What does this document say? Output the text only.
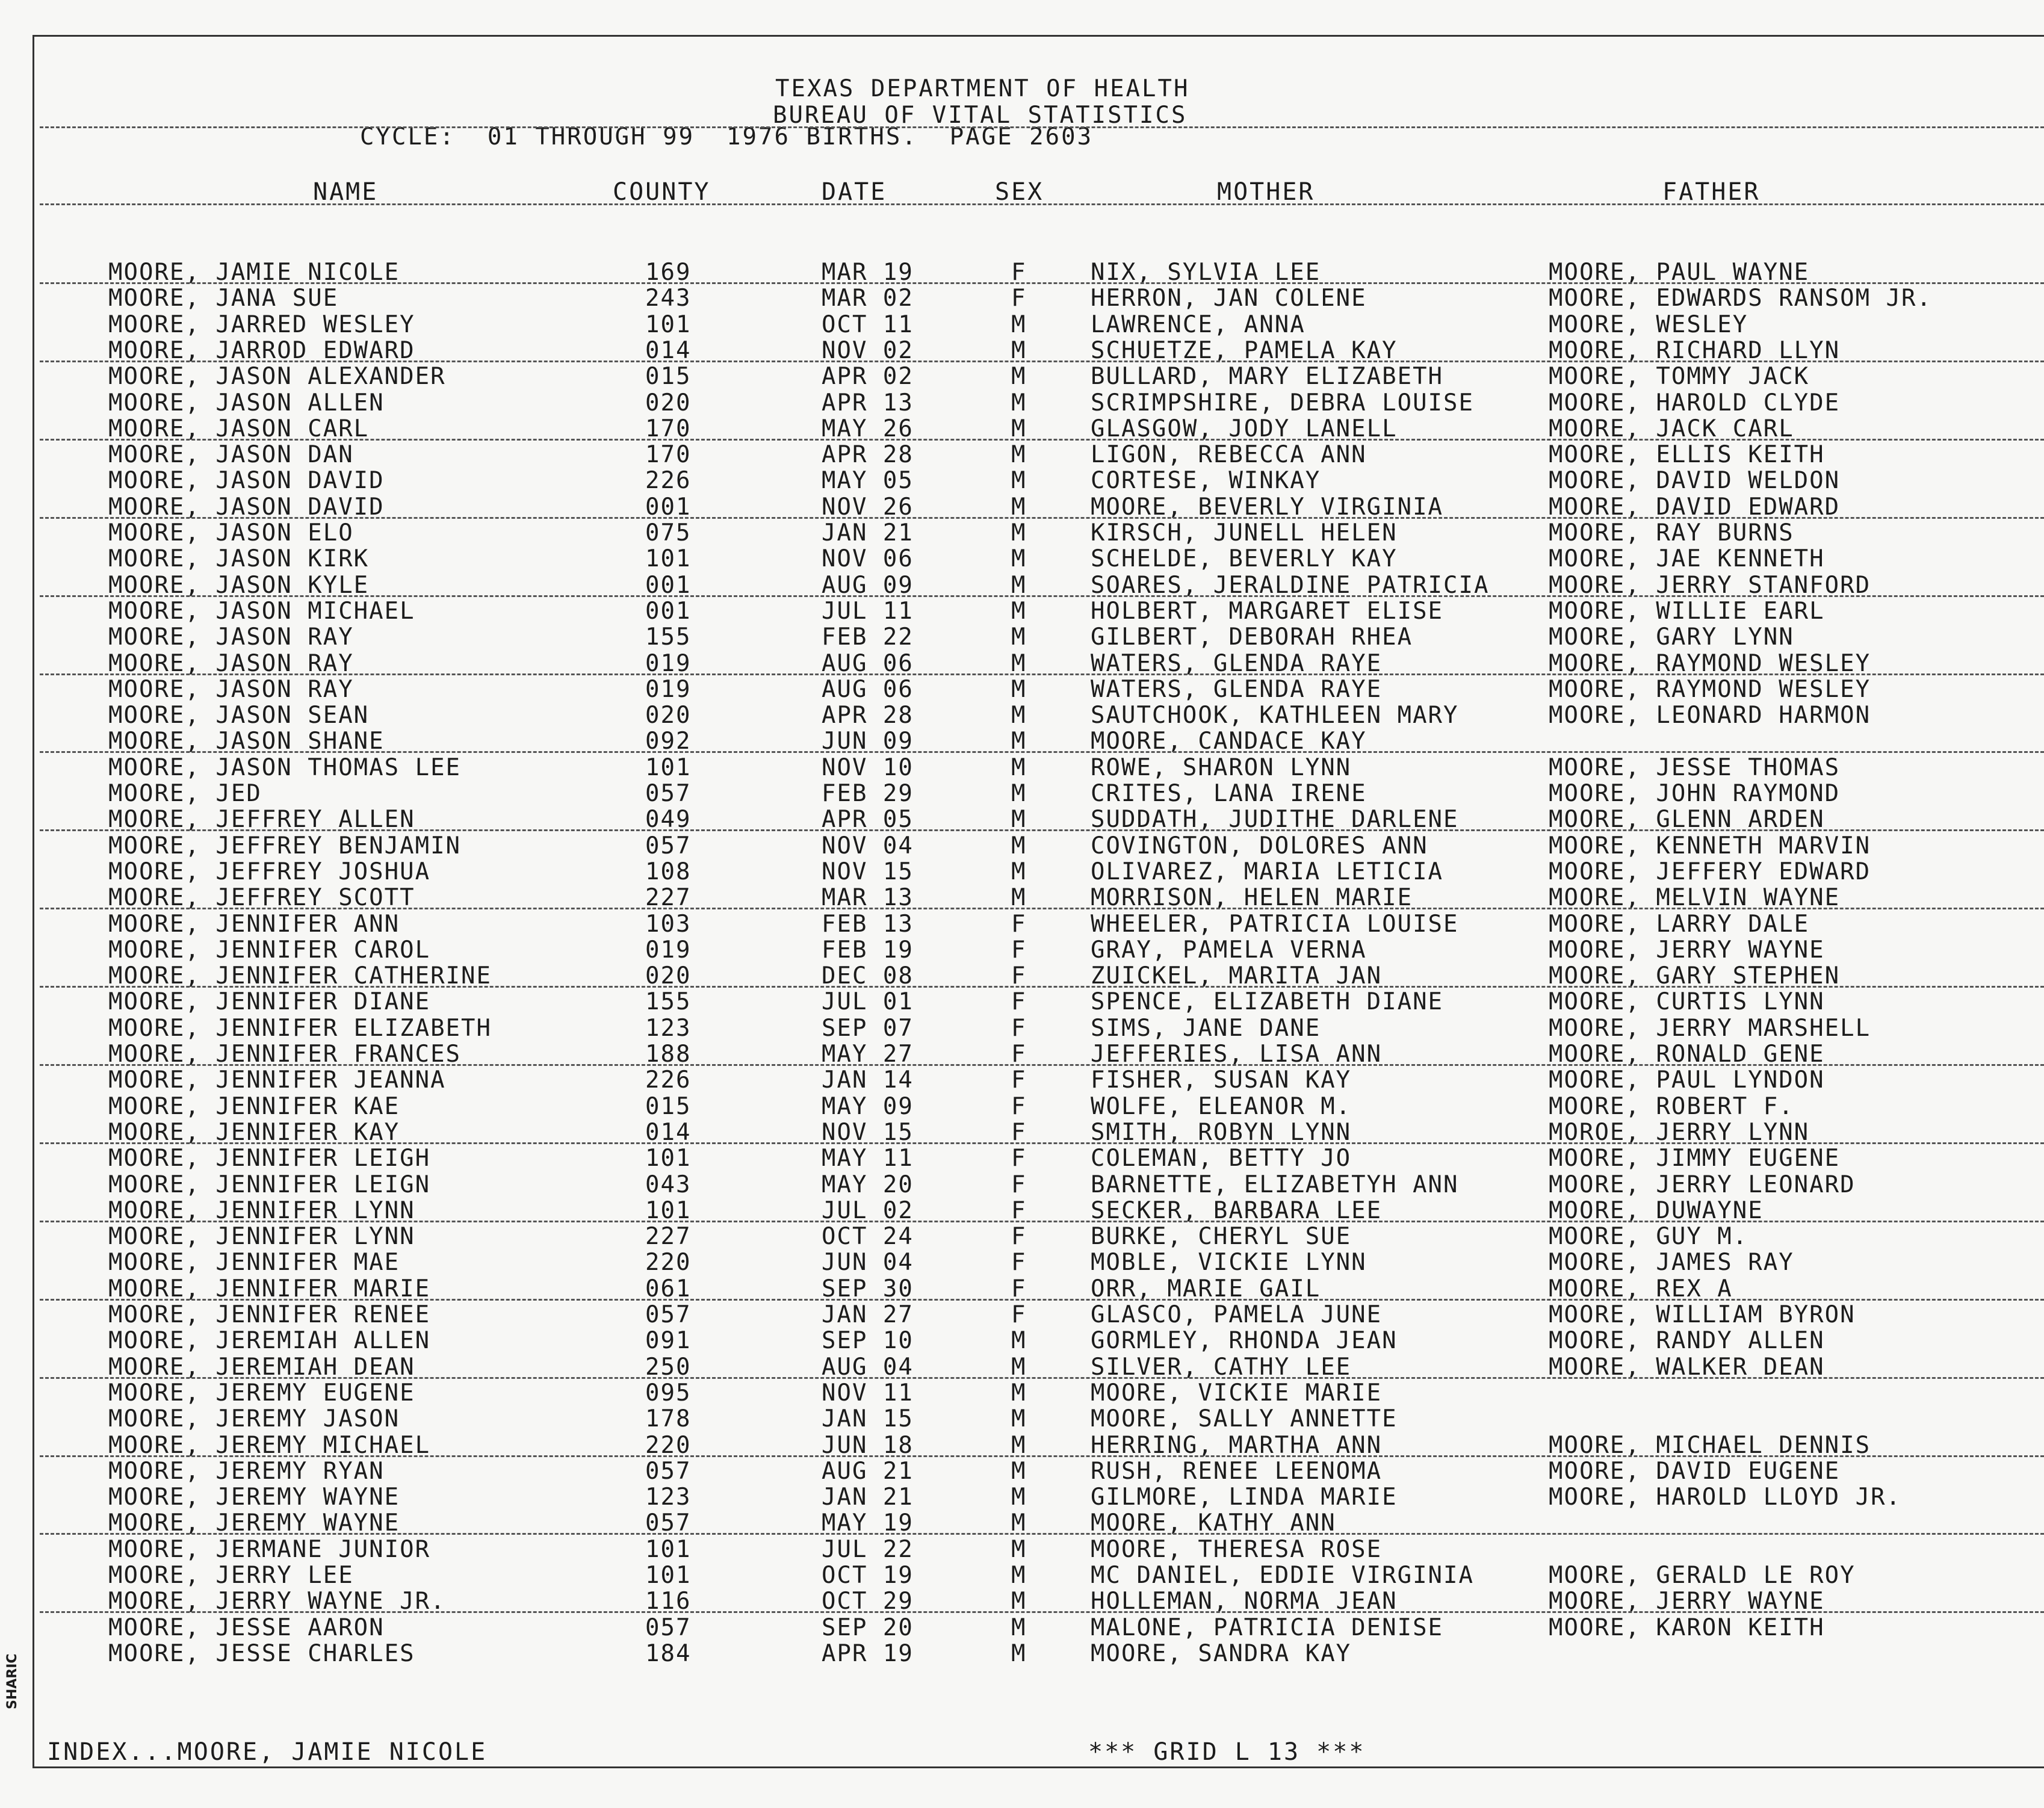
TEXAS DEPARTMENT OF HEALTH
BUREAU OF VITAL STATISTICS
CYCLE:  01 THROUGH 99  1976 BIRTHS.  PAGE 2603
NAME	COUNTY	DATE	SEX	MOTHER	FATHER
MOORE, JAMIE NICOLE	169	MAR 19	F	NIX, SYLVIA LEE	MOORE, PAUL WAYNE
MOORE, JANA SUE	243	MAR 02	F	HERRON, JAN COLENE	MOORE, EDWARDS RANSOM JR.
MOORE, JARRED WESLEY	101	OCT 11	M	LAWRENCE, ANNA	MOORE, WESLEY
MOORE, JARROD EDWARD	014	NOV 02	M	SCHUETZE, PAMELA KAY	MOORE, RICHARD LLYN
MOORE, JASON ALEXANDER	015	APR 02	M	BULLARD, MARY ELIZABETH	MOORE, TOMMY JACK
MOORE, JASON ALLEN	020	APR 13	M	SCRIMPSHIRE, DEBRA LOUISE	MOORE, HAROLD CLYDE
MOORE, JASON CARL	170	MAY 26	M	GLASGOW, JODY LANELL	MOORE, JACK CARL
MOORE, JASON DAN	170	APR 28	M	LIGON, REBECCA ANN	MOORE, ELLIS KEITH
MOORE, JASON DAVID	226	MAY 05	M	CORTESE, WINKAY	MOORE, DAVID WELDON
MOORE, JASON DAVID	001	NOV 26	M	MOORE, BEVERLY VIRGINIA	MOORE, DAVID EDWARD
MOORE, JASON ELO	075	JAN 21	M	KIRSCH, JUNELL HELEN	MOORE, RAY BURNS
MOORE, JASON KIRK	101	NOV 06	M	SCHELDE, BEVERLY KAY	MOORE, JAE KENNETH
MOORE, JASON KYLE	001	AUG 09	M	SOARES, JERALDINE PATRICIA	MOORE, JERRY STANFORD
MOORE, JASON MICHAEL	001	JUL 11	M	HOLBERT, MARGARET ELISE	MOORE, WILLIE EARL
MOORE, JASON RAY	155	FEB 22	M	GILBERT, DEBORAH RHEA	MOORE, GARY LYNN
MOORE, JASON RAY	019	AUG 06	M	WATERS, GLENDA RAYE	MOORE, RAYMOND WESLEY
MOORE, JASON RAY	019	AUG 06	M	WATERS, GLENDA RAYE	MOORE, RAYMOND WESLEY
MOORE, JASON SEAN	020	APR 28	M	SAUTCHOOK, KATHLEEN MARY	MOORE, LEONARD HARMON
MOORE, JASON SHANE	092	JUN 09	M	MOORE, CANDACE KAY
MOORE, JASON THOMAS LEE	101	NOV 10	M	ROWE, SHARON LYNN	MOORE, JESSE THOMAS
MOORE, JED	057	FEB 29	M	CRITES, LANA IRENE	MOORE, JOHN RAYMOND
MOORE, JEFFREY ALLEN	049	APR 05	M	SUDDATH, JUDITHE DARLENE	MOORE, GLENN ARDEN
MOORE, JEFFREY BENJAMIN	057	NOV 04	M	COVINGTON, DOLORES ANN	MOORE, KENNETH MARVIN
MOORE, JEFFREY JOSHUA	108	NOV 15	M	OLIVAREZ, MARIA LETICIA	MOORE, JEFFERY EDWARD
MOORE, JEFFREY SCOTT	227	MAR 13	M	MORRISON, HELEN MARIE	MOORE, MELVIN WAYNE
MOORE, JENNIFER ANN	103	FEB 13	F	WHEELER, PATRICIA LOUISE	MOORE, LARRY DALE
MOORE, JENNIFER CAROL	019	FEB 19	F	GRAY, PAMELA VERNA	MOORE, JERRY WAYNE
MOORE, JENNIFER CATHERINE	020	DEC 08	F	ZUICKEL, MARITA JAN	MOORE, GARY STEPHEN
MOORE, JENNIFER DIANE	155	JUL 01	F	SPENCE, ELIZABETH DIANE	MOORE, CURTIS LYNN
MOORE, JENNIFER ELIZABETH	123	SEP 07	F	SIMS, JANE DANE	MOORE, JERRY MARSHELL
MOORE, JENNIFER FRANCES	188	MAY 27	F	JEFFERIES, LISA ANN	MOORE, RONALD GENE
MOORE, JENNIFER JEANNA	226	JAN 14	F	FISHER, SUSAN KAY	MOORE, PAUL LYNDON
MOORE, JENNIFER KAE	015	MAY 09	F	WOLFE, ELEANOR M.	MOORE, ROBERT F.
MOORE, JENNIFER KAY	014	NOV 15	F	SMITH, ROBYN LYNN	MOROE, JERRY LYNN
MOORE, JENNIFER LEIGH	101	MAY 11	F	COLEMAN, BETTY JO	MOORE, JIMMY EUGENE
MOORE, JENNIFER LEIGN	043	MAY 20	F	BARNETTE, ELIZABETYH ANN	MOORE, JERRY LEONARD
MOORE, JENNIFER LYNN	101	JUL 02	F	SECKER, BARBARA LEE	MOORE, DUWAYNE
MOORE, JENNIFER LYNN	227	OCT 24	F	BURKE, CHERYL SUE	MOORE, GUY M.
MOORE, JENNIFER MAE	220	JUN 04	F	MOBLE, VICKIE LYNN	MOORE, JAMES RAY
MOORE, JENNIFER MARIE	061	SEP 30	F	ORR, MARIE GAIL	MOORE, REX A
MOORE, JENNIFER RENEE	057	JAN 27	F	GLASCO, PAMELA JUNE	MOORE, WILLIAM BYRON
MOORE, JEREMIAH ALLEN	091	SEP 10	M	GORMLEY, RHONDA JEAN	MOORE, RANDY ALLEN
MOORE, JEREMIAH DEAN	250	AUG 04	M	SILVER, CATHY LEE	MOORE, WALKER DEAN
MOORE, JEREMY EUGENE	095	NOV 11	M	MOORE, VICKIE MARIE
MOORE, JEREMY JASON	178	JAN 15	M	MOORE, SALLY ANNETTE
MOORE, JEREMY MICHAEL	220	JUN 18	M	HERRING, MARTHA ANN	MOORE, MICHAEL DENNIS
MOORE, JEREMY RYAN	057	AUG 21	M	RUSH, RENEE LEENOMA	MOORE, DAVID EUGENE
MOORE, JEREMY WAYNE	123	JAN 21	M	GILMORE, LINDA MARIE	MOORE, HAROLD LLOYD JR.
MOORE, JEREMY WAYNE	057	MAY 19	M	MOORE, KATHY ANN
MOORE, JERMANE JUNIOR	101	JUL 22	M	MOORE, THERESA ROSE
MOORE, JERRY LEE	101	OCT 19	M	MC DANIEL, EDDIE VIRGINIA	MOORE, GERALD LE ROY
MOORE, JERRY WAYNE JR.	116	OCT 29	M	HOLLEMAN, NORMA JEAN	MOORE, JERRY WAYNE
MOORE, JESSE AARON	057	SEP 20	M	MALONE, PATRICIA DENISE	MOORE, KARON KEITH
MOORE, JESSE CHARLES	184	APR 19	M	MOORE, SANDRA KAY
INDEX...MOORE, JAMIE NICOLE	*** GRID L 13 ***
SHARIC
